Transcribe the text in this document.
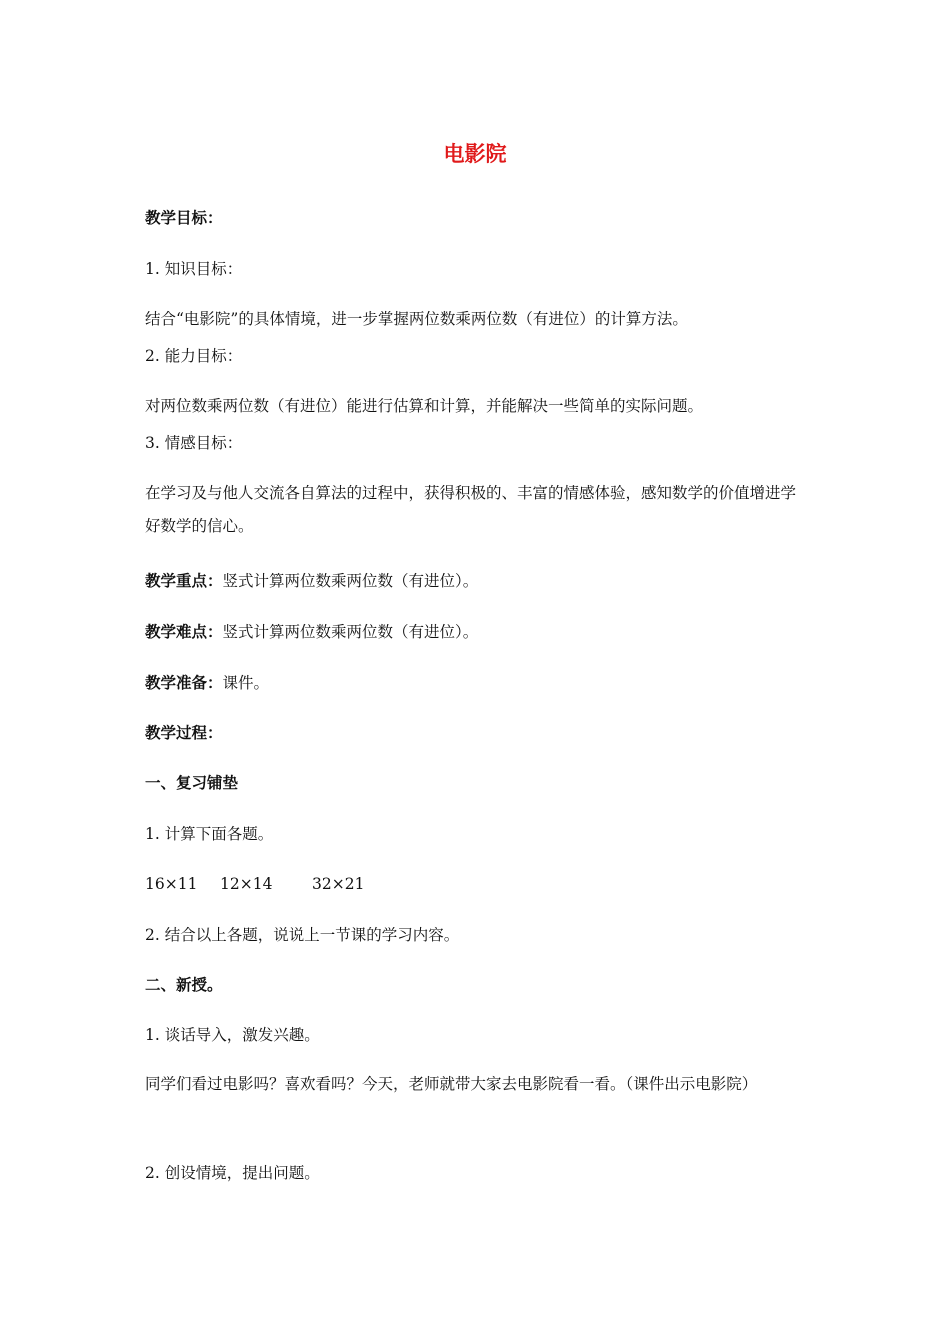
电影院
教学目标：
1. 知识目标：
结合“电影院”的具体情境，进一步掌握两位数乘两位数（有进位）的计算方法。
2. 能力目标：
对两位数乘两位数（有进位）能进行估算和计算，并能解决一些简单的实际问题。
3. 情感目标：
在学习及与他人交流各自算法的过程中，获得积极的、丰富的情感体验，感知数学的价值增进学好数学的信心。
教学重点：竖式计算两位数乘两位数（有进位）。
教学难点：竖式计算两位数乘两位数（有进位）。
教学准备：课件。
教学过程：
一、复习铺垫
1. 计算下面各题。
16×11 12×14	32×21
2. 结合以上各题，说说上一节课的学习内容。
二、新授。
1. 谈话导入，激发兴趣。
同学们看过电影吗？喜欢看吗？今天，老师就带大家去电影院看一看。（课件出示电影院）
2. 创设情境，提出问题。
